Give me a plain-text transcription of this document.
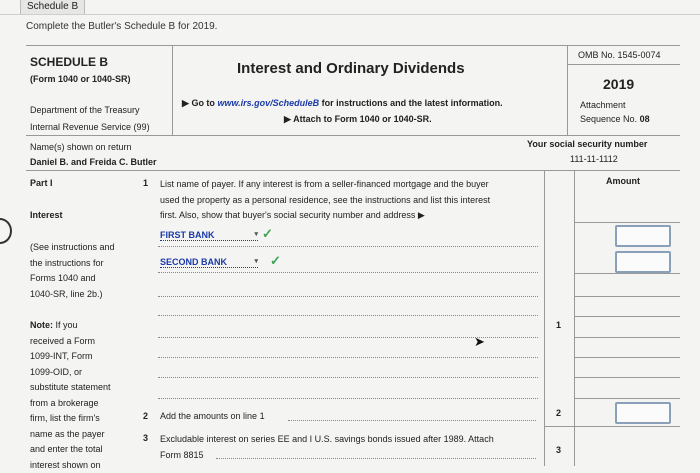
Schedule B
Complete the Butler's Schedule B for 2019.
SCHEDULE B
(Form 1040 or 1040-SR)
Department of the Treasury
Internal Revenue Service (99)
Interest and Ordinary Dividends
▶ Go to www.irs.gov/ScheduleB for instructions and the latest information.
▶ Attach to Form 1040 or 1040-SR.
OMB No. 1545-0074
2019
Attachment
Sequence No. 08
Name(s) shown on return
Daniel B. and Freida C. Butler
Your social security number
111-11-1112
Part I
Interest
(See instructions and
the instructions for
Forms 1040 and
1040-SR, line 2b.)
Note: If you
received a Form
1099-INT, Form
1099-OID, or
substitute statement
from a brokerage
firm, list the firm's
name as the payer
and enter the total
interest shown on
1 List name of payer. If any interest is from a seller-financed mortgage and the buyer
used the property as a personal residence, see the instructions and list this interest
first. Also, show that buyer's social security number and address ▶
Amount
FIRST BANK	▾ ✓
SECOND BANK	▾ ✓
1
➤
2 Add the amounts on line 1	2
3 Excludable interest on series EE and I U.S. savings bonds issued after 1989. Attach
Form 8815	3
